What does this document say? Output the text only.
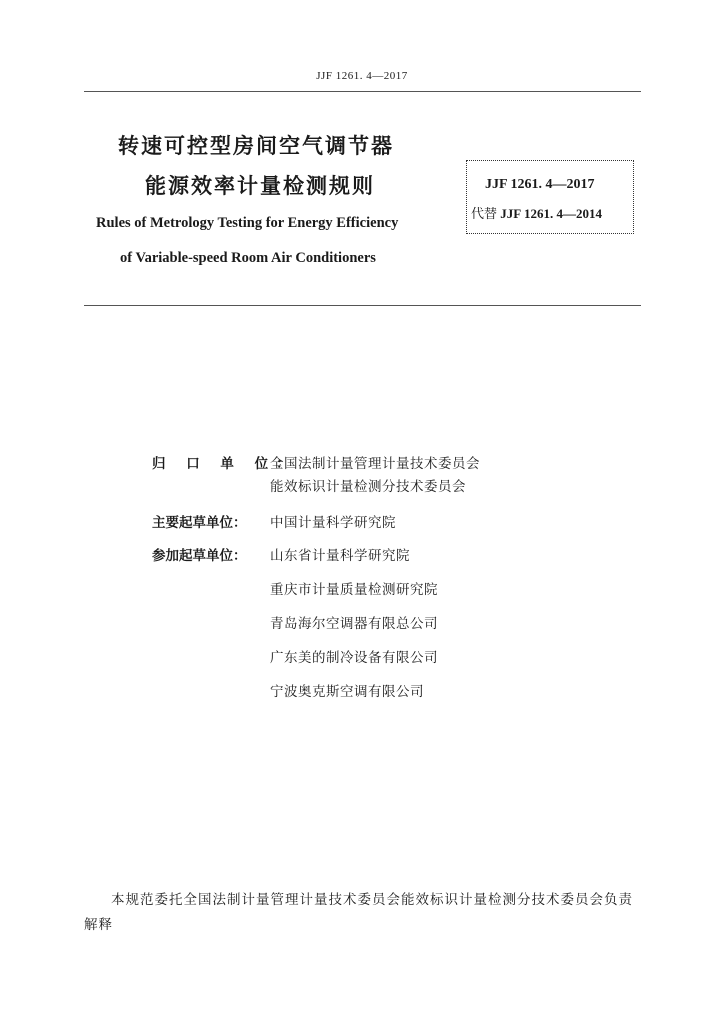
JJF 1261. 4—2017
转速可控型房间空气调节器
能源效率计量检测规则
Rules of Metrology Testing for Energy Efficiency
of Variable-speed Room Air Conditioners
JJF 1261. 4—2017
代替 JJF 1261. 4—2014
归 口 单 位：全国法制计量管理计量技术委员会
能效标识计量检测分技术委员会
主要起草单位： 中国计量科学研究院
参加起草单位： 山东省计量科学研究院
重庆市计量质量检测研究院
青岛海尔空调器有限总公司
广东美的制冷设备有限公司
宁波奥克斯空调有限公司
本规范委托全国法制计量管理计量技术委员会能效标识计量检测分技术委员会负责解释
